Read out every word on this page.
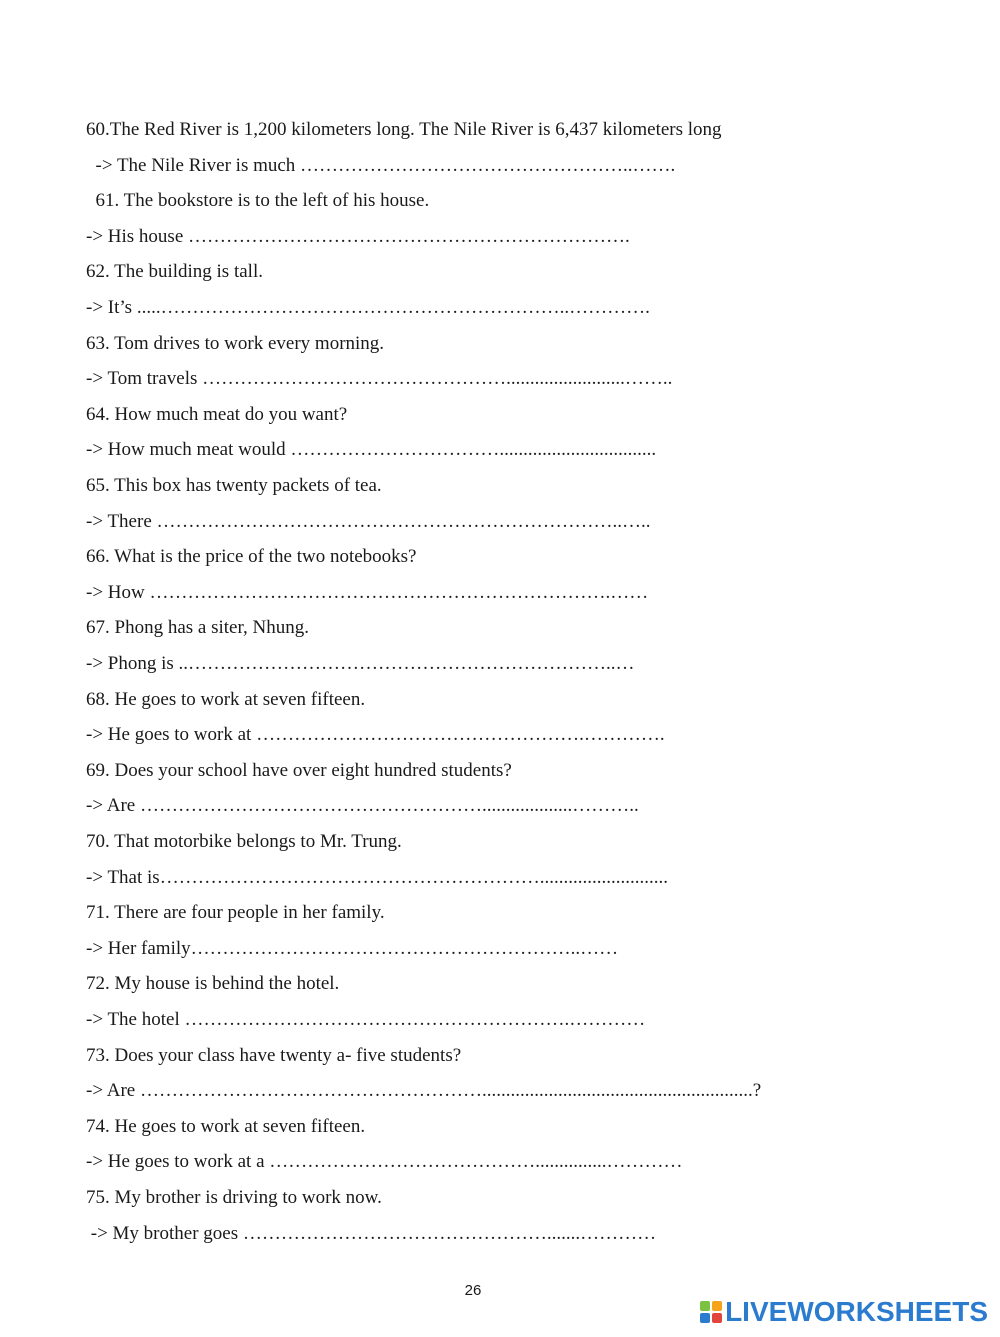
60.The Red River is 1,200 kilometers long. The Nile River is 6,437 kilometers long
-> The Nile River is much ……………………………………………..…….
61. The bookstore is to the left of his house.
-> His house …………………………………………………………….
62. The building is tall.
-> It’s .....………………………………………………………..………….
63. Tom drives to work every morning.
-> Tom travels ………………………………………….........................……..
64. How much meat do you want?
-> How much meat would …………………………….................................
65. This box has twenty packets of tea.
-> There ………………………………………………………………..…..
66. What is the price of the two notebooks?
-> How ……………………………………………………………….……
67. Phong has a siter, Nhung.
-> Phong is ..…………………………………………………………..…
68. He goes to work at seven fifteen.
-> He goes to work at …………………………………………….………….
69. Does your school have over eight hundred students?
-> Are ………………………………………………...................………..
70. That motorbike belongs to Mr. Trung.
-> That is……………………………………………………...........................
71. There are four people in her family.
-> Her family……………………………………………………..……
72. My house is behind the hotel.
-> The hotel …………………………………………………….…………
73. Does your class have twenty a- five students?
-> Are ……………………………………………….........................................................?
74. He goes to work at seven fifteen.
-> He goes to work at a ……………………………………...............…………
75. My brother is driving to work now.
-> My brother goes ………………………………………….......…………
26
LIVEWORKSHEETS
